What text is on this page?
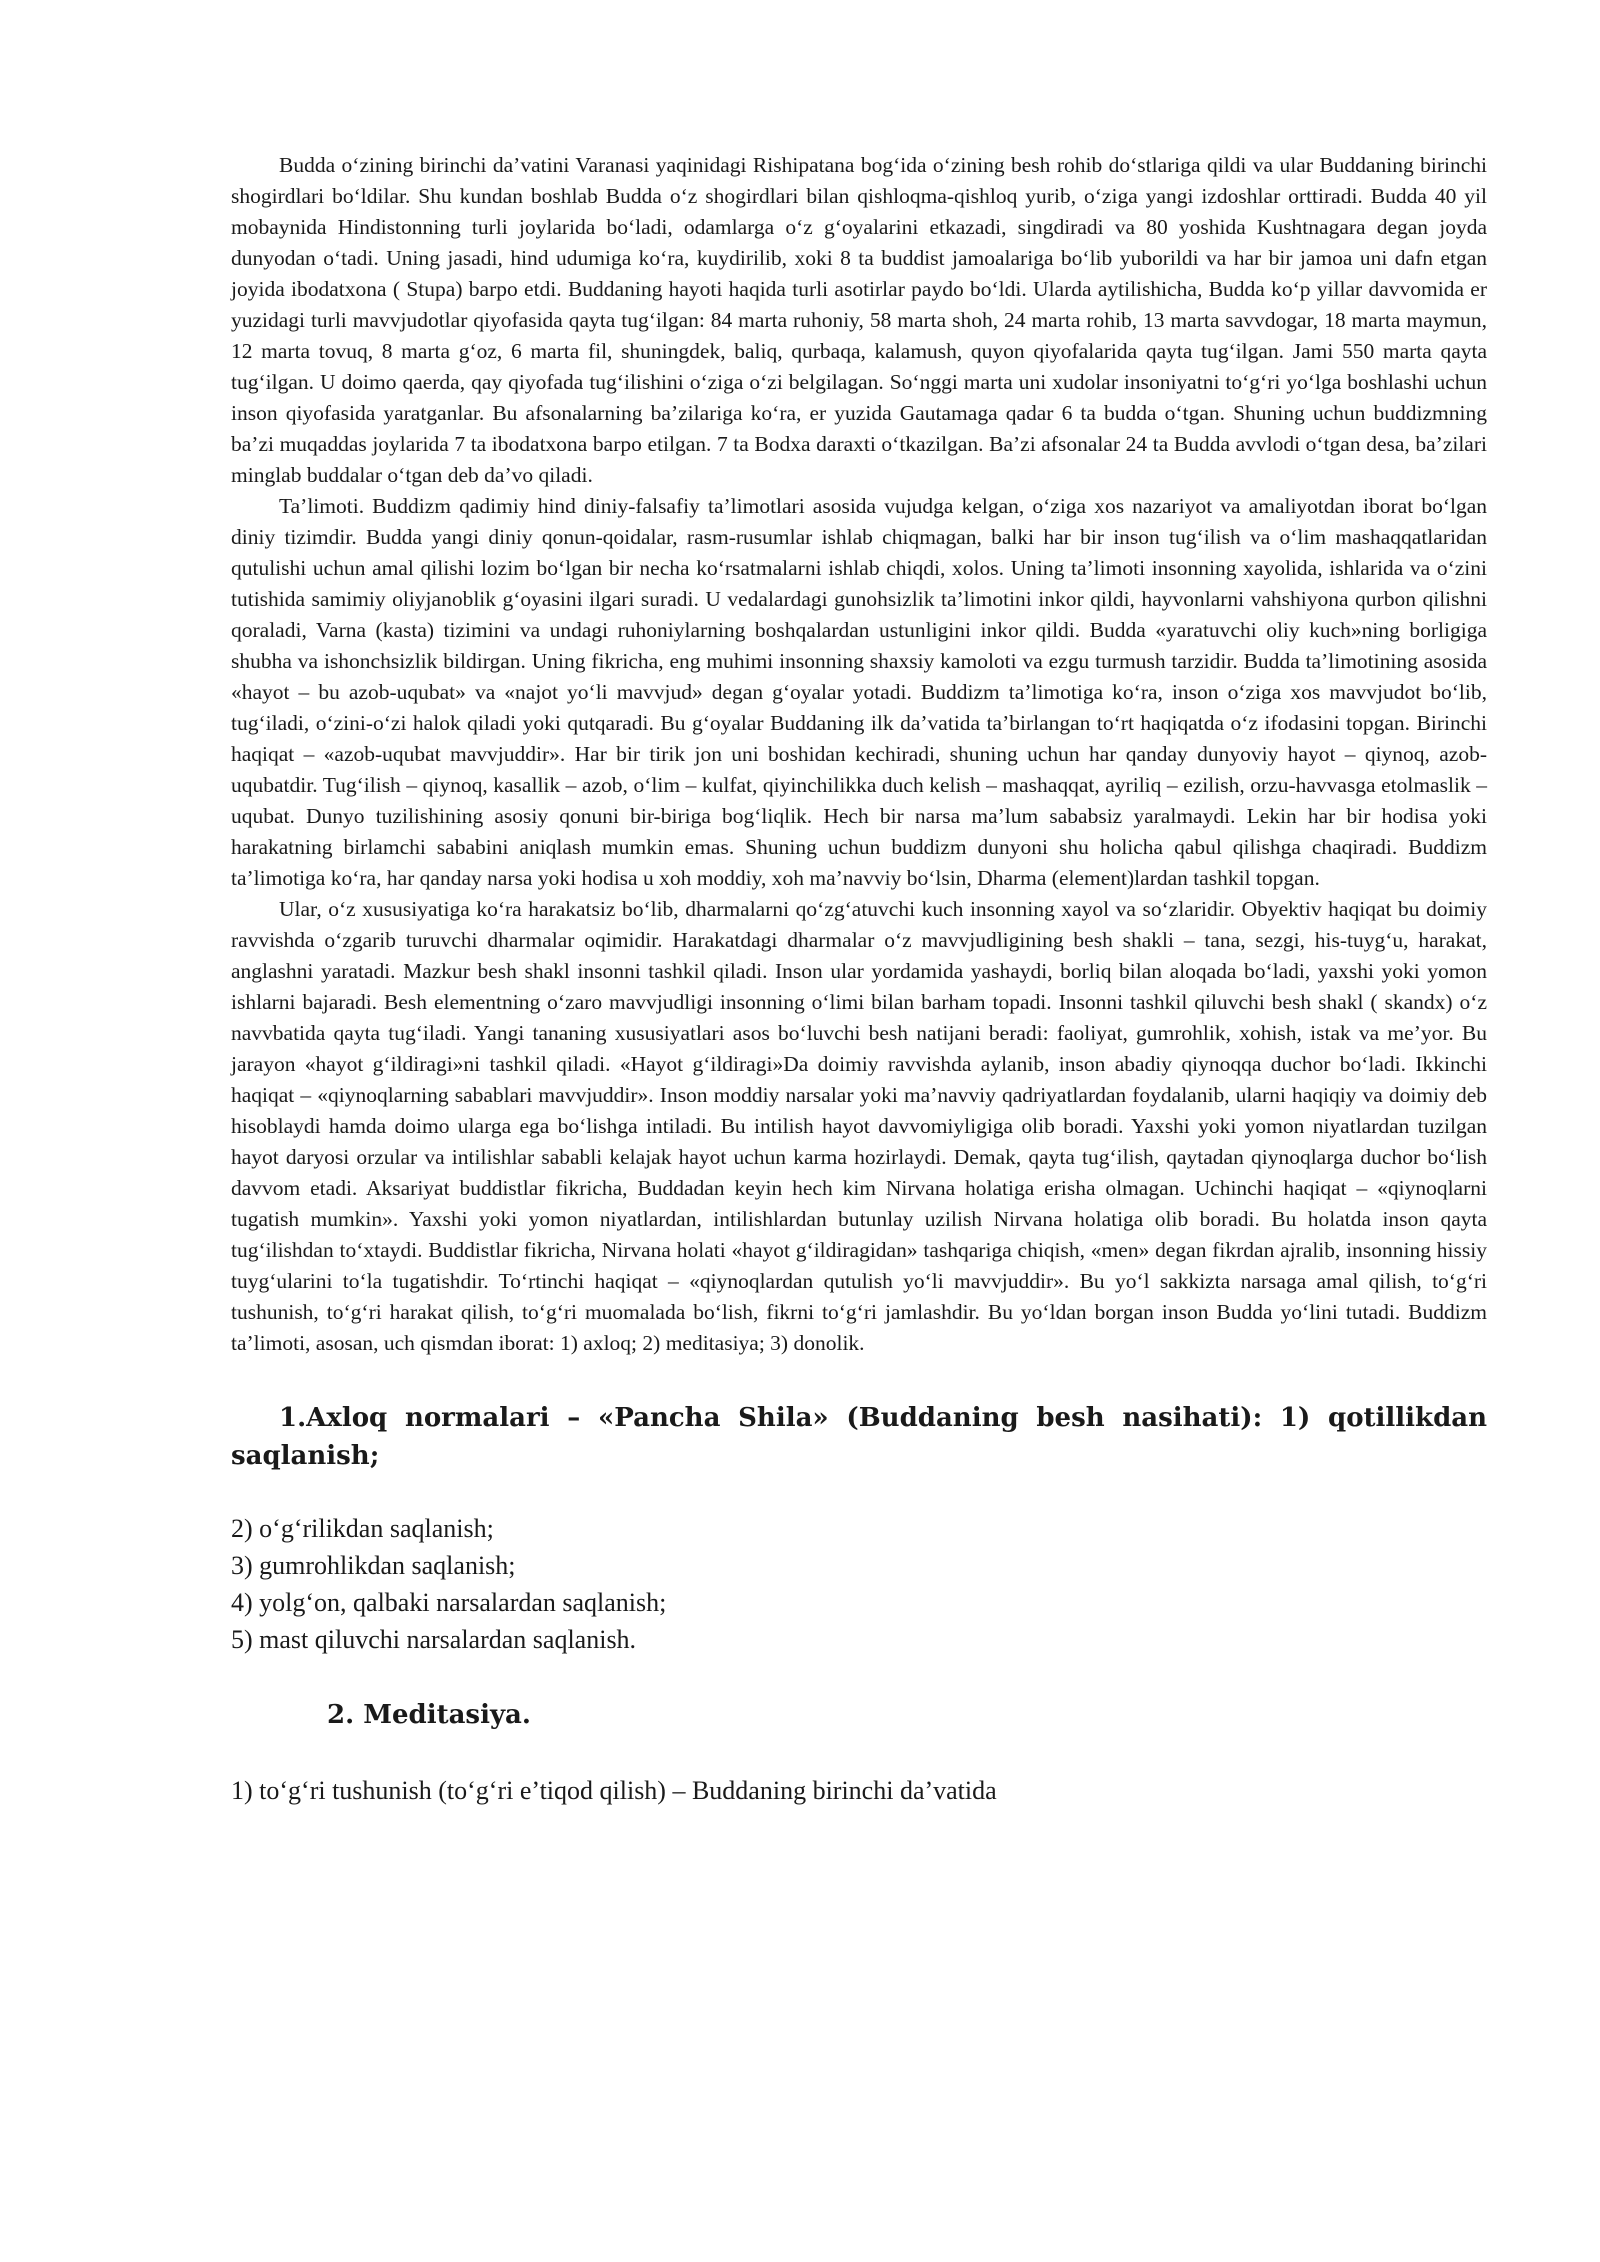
Budda o‘zining birinchi da’vatini Varanasi yaqinidagi Rishipatana bog‘ida o‘zining besh rohib do‘stlariga qildi va ular Buddaning birinchi shogirdlari bo‘ldilar. Shu kundan boshlab Budda o‘z shogirdlari bilan qishloqma-qishloq yurib, o‘ziga yangi izdoshlar orttiradi. Budda 40 yil mobaynida Hindistonning turli joylarida bo‘ladi, odamlarga o‘z g‘oyalarini etkazadi, singdiradi va 80 yoshida Kushtnagara degan joyda dunyodan o‘tadi. Uning jasadi, hind udumiga ko‘ra, kuydirilib, xoki 8 ta buddist jamoalariga bo‘lib yuborildi va har bir jamoa uni dafn etgan joyida ibodatxona ( Stupa) barpo etdi. Buddaning hayoti haqida turli asotirlar paydo bo‘ldi. Ularda aytilishicha, Budda ko‘p yillar davvomida er yuzidagi turli mavvjudotlar qiyofasida qayta tug‘ilgan: 84 marta ruhoniy, 58 marta shoh, 24 marta rohib, 13 marta savvdogar, 18 marta maymun, 12 marta tovuq, 8 marta g‘oz, 6 marta fil, shuningdek, baliq, qurbaqa, kalamush, quyon qiyofalarida qayta tug‘ilgan. Jami 550 marta qayta tug‘ilgan. U doimo qaerda, qay qiyofada tug‘ilishini o‘ziga o‘zi belgilagan. So‘nggi marta uni xudolar insoniyatni to‘g‘ri yo‘lga boshlashi uchun inson qiyofasida yaratganlar. Bu afsonalarning ba’zilariga ko‘ra, er yuzida Gautamaga qadar 6 ta budda o‘tgan. Shuning uchun buddizmning ba’zi muqaddas joylarida 7 ta ibodatxona barpo etilgan. 7 ta Bodxa daraxti o‘tkazilgan. Ba’zi afsonalar 24 ta Budda avvlodi o‘tgan desa, ba’zilari minglab buddalar o‘tgan deb da’vo qiladi.

Ta’limoti. Buddizm qadimiy hind diniy-falsafiy ta’limotlari asosida vujudga kelgan, o‘ziga xos nazariyot va amaliyotdan iborat bo‘lgan diniy tizimdir. Budda yangi diniy qonun-qoidalar, rasm-rusumlar ishlab chiqmagan, balki har bir inson tug‘ilish va o‘lim mashaqqatlaridan qutulishi uchun amal qilishi lozim bo‘lgan bir necha ko‘rsatmalarni ishlab chiqdi, xolos. Uning ta’limoti insonning xayolida, ishlarida va o‘zini tutishida samimiy oliyjanoblik g‘oyasini ilgari suradi. U vedalardagi gunohsizlik ta’limotini inkor qildi, hayvonlarni vahshiyona qurbon qilishni qoraladi, Varna (kasta) tizimini va undagi ruhoniylarning boshqalardan ustunligini inkor qildi. Budda «yaratuvchi oliy kuch»ning borligiga shubha va ishonchsizlik bildirgan. Uning fikricha, eng muhimi insonning shaxsiy kamoloti va ezgu turmush tarzidir. Budda ta’limotining asosida «hayot – bu azob-uqubat» va «najot yo‘li mavvjud» degan g‘oyalar yotadi. Buddizm ta’limotiga ko‘ra, inson o‘ziga xos mavvjudot bo‘lib, tug‘iladi, o‘zini-o‘zi halok qiladi yoki qutqaradi. Bu g‘oyalar Buddaning ilk da’vatida ta’birlangan to‘rt haqiqatda o‘z ifodasini topgan. Birinchi haqiqat – «azob-uqubat mavvjuddir». Har bir tirik jon uni boshidan kechiradi, shuning uchun har qanday dunyoviy hayot – qiynoq, azob-uqubatdir. Tug‘ilish – qiynoq, kasallik – azob, o‘lim – kulfat, qiyinchilikka duch kelish – mashaqqat, ayriliq – ezilish, orzu-havvasga etolmaslik – uqubat. Dunyo tuzilishining asosiy qonuni bir-biriga bog‘liqlik. Hech bir narsa ma’lum sababsiz yaralmaydi. Lekin har bir hodisa yoki harakatning birlamchi sababini aniqlash mumkin emas. Shuning uchun buddizm dunyoni shu holicha qabul qilishga chaqiradi. Buddizm ta’limotiga ko‘ra, har qanday narsa yoki hodisa u xoh moddiy, xoh ma’navviy bo‘lsin, Dharma (element)lardan tashkil topgan.

Ular, o‘z xususiyatiga ko‘ra harakatsiz bo‘lib, dharmalarni qo‘zg‘atuvchi kuch insonning xayol va so‘zlaridir. Obyektiv haqiqat bu doimiy ravvishda o‘zgarib turuvchi dharmalar oqimidir. Harakatdagi dharmalar o‘z mavvjudligining besh shakli – tana, sezgi, his-tuyg‘u, harakat, anglashni yaratadi. Mazkur besh shakl insonni tashkil qiladi. Inson ular yordamida yashaydi, borliq bilan aloqada bo‘ladi, yaxshi yoki yomon ishlarni bajaradi. Besh elementning o‘zaro mavvjudligi insonning o‘limi bilan barham topadi. Insonni tashkil qiluvchi besh shakl ( skandx) o‘z navvbatida qayta tug‘iladi. Yangi tananing xususiyatlari asos bo‘luvchi besh natijani beradi: faoliyat, gumrohlik, xohish, istak va me’yor. Bu jarayon «hayot g‘ildiragi»ni tashkil qiladi. «Hayot g‘ildiragi»Da doimiy ravvishda aylanib, inson abadiy qiynoqqa duchor bo‘ladi. Ikkinchi haqiqat – «qiynoqlarning sabablari mavvjuddir». Inson moddiy narsalar yoki ma’navviy qadriyatlardan foydalanib, ularni haqiqiy va doimiy deb hisoblaydi hamda doimo ularga ega bo‘lishga intiladi. Bu intilish hayot davvomiyligiga olib boradi. Yaxshi yoki yomon niyatlardan tuzilgan hayot daryosi orzular va intilishlar sababli kelajak hayot uchun karma hozirlaydi. Demak, qayta tug‘ilish, qaytadan qiynoqlarga duchor bo‘lish davvom etadi. Aksariyat buddistlar fikricha, Buddadan keyin hech kim Nirvana holatiga erisha olmagan. Uchinchi haqiqat – «qiynoqlarni tugatish mumkin». Yaxshi yoki yomon niyatlardan, intilishlardan butunlay uzilish Nirvana holatiga olib boradi. Bu holatda inson qayta tug‘ilishdan to‘xtaydi. Buddistlar fikricha, Nirvana holati «hayot g‘ildiragidan» tashqariga chiqish, «men» degan fikrdan ajralib, insonning hissiy tuyg‘ularini to‘la tugatishdir. To‘rtinchi haqiqat – «qiynoqlardan qutulish yo‘li mavvjuddir». Bu yo‘l sakkizta narsaga amal qilish, to‘g‘ri tushunish, to‘g‘ri harakat qilish, to‘g‘ri muomalada bo‘lish, fikrni to‘g‘ri jamlashdir. Bu yo‘ldan borgan inson Budda yo‘lini tutadi. Buddizm ta’limoti, asosan, uch qismdan iborat: 1) axloq; 2) meditasiya; 3) donolik.

1.Axloq normalari – «Pancha Shila» (Buddaning besh nasihati): 1) qotillikdan saqlanish;
2) o‘g‘rilikdan saqlanish;
3) gumrohlikdan saqlanish;
4) yolg‘on, qalbaki narsalardan saqlanish;
5) mast qiluvchi narsalardan saqlanish.
2. Meditasiya.
1) to‘g‘ri tushunish (to‘g‘ri e’tiqod qilish) – Buddaning birinchi da’vatida
